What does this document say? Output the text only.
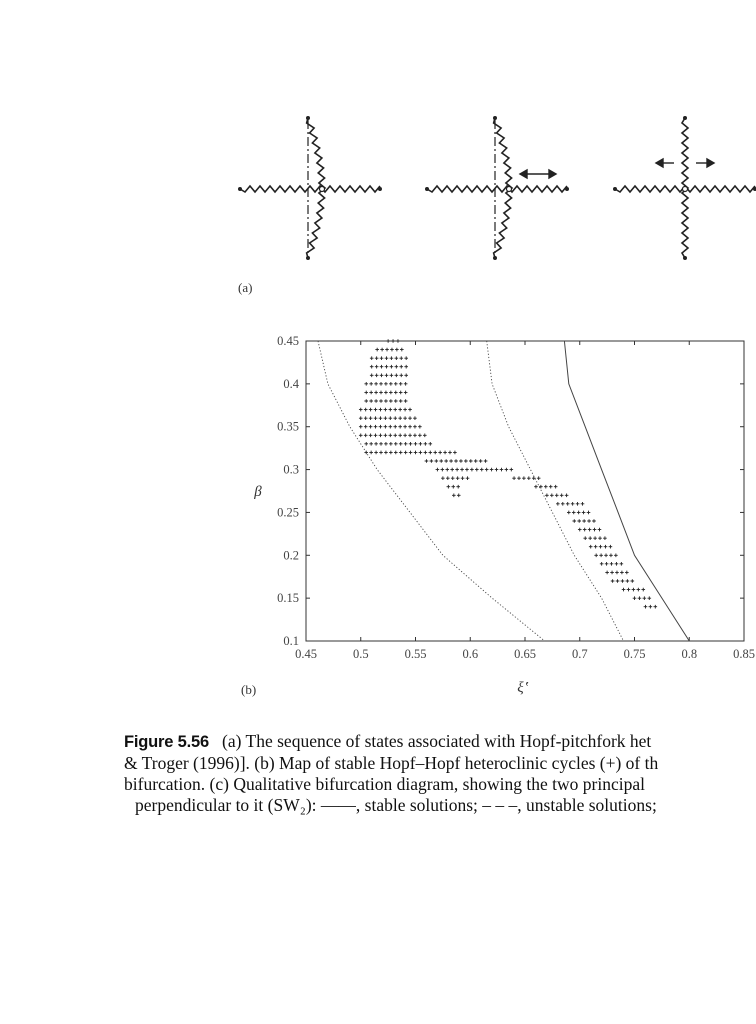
(a)
0.45	0.5	0.55	0.6	0.65	0.7	0.75	0.8	0.85
0.1
0.15
0.2
0.25
0.3
0.35
0.4
0.45
ξʽ
β
(b)
Figure 5.56 (a) The sequence of states associated with Hopf-pitchfork het
& Troger (1996)]. (b) Map of stable Hopf–Hopf heteroclinic cycles (+) of th
bifurcation. (c) Qualitative bifurcation diagram, showing the two principal
perpendicular to it (SW₂): ——, stable solutions; – – –, unstable solutions;
